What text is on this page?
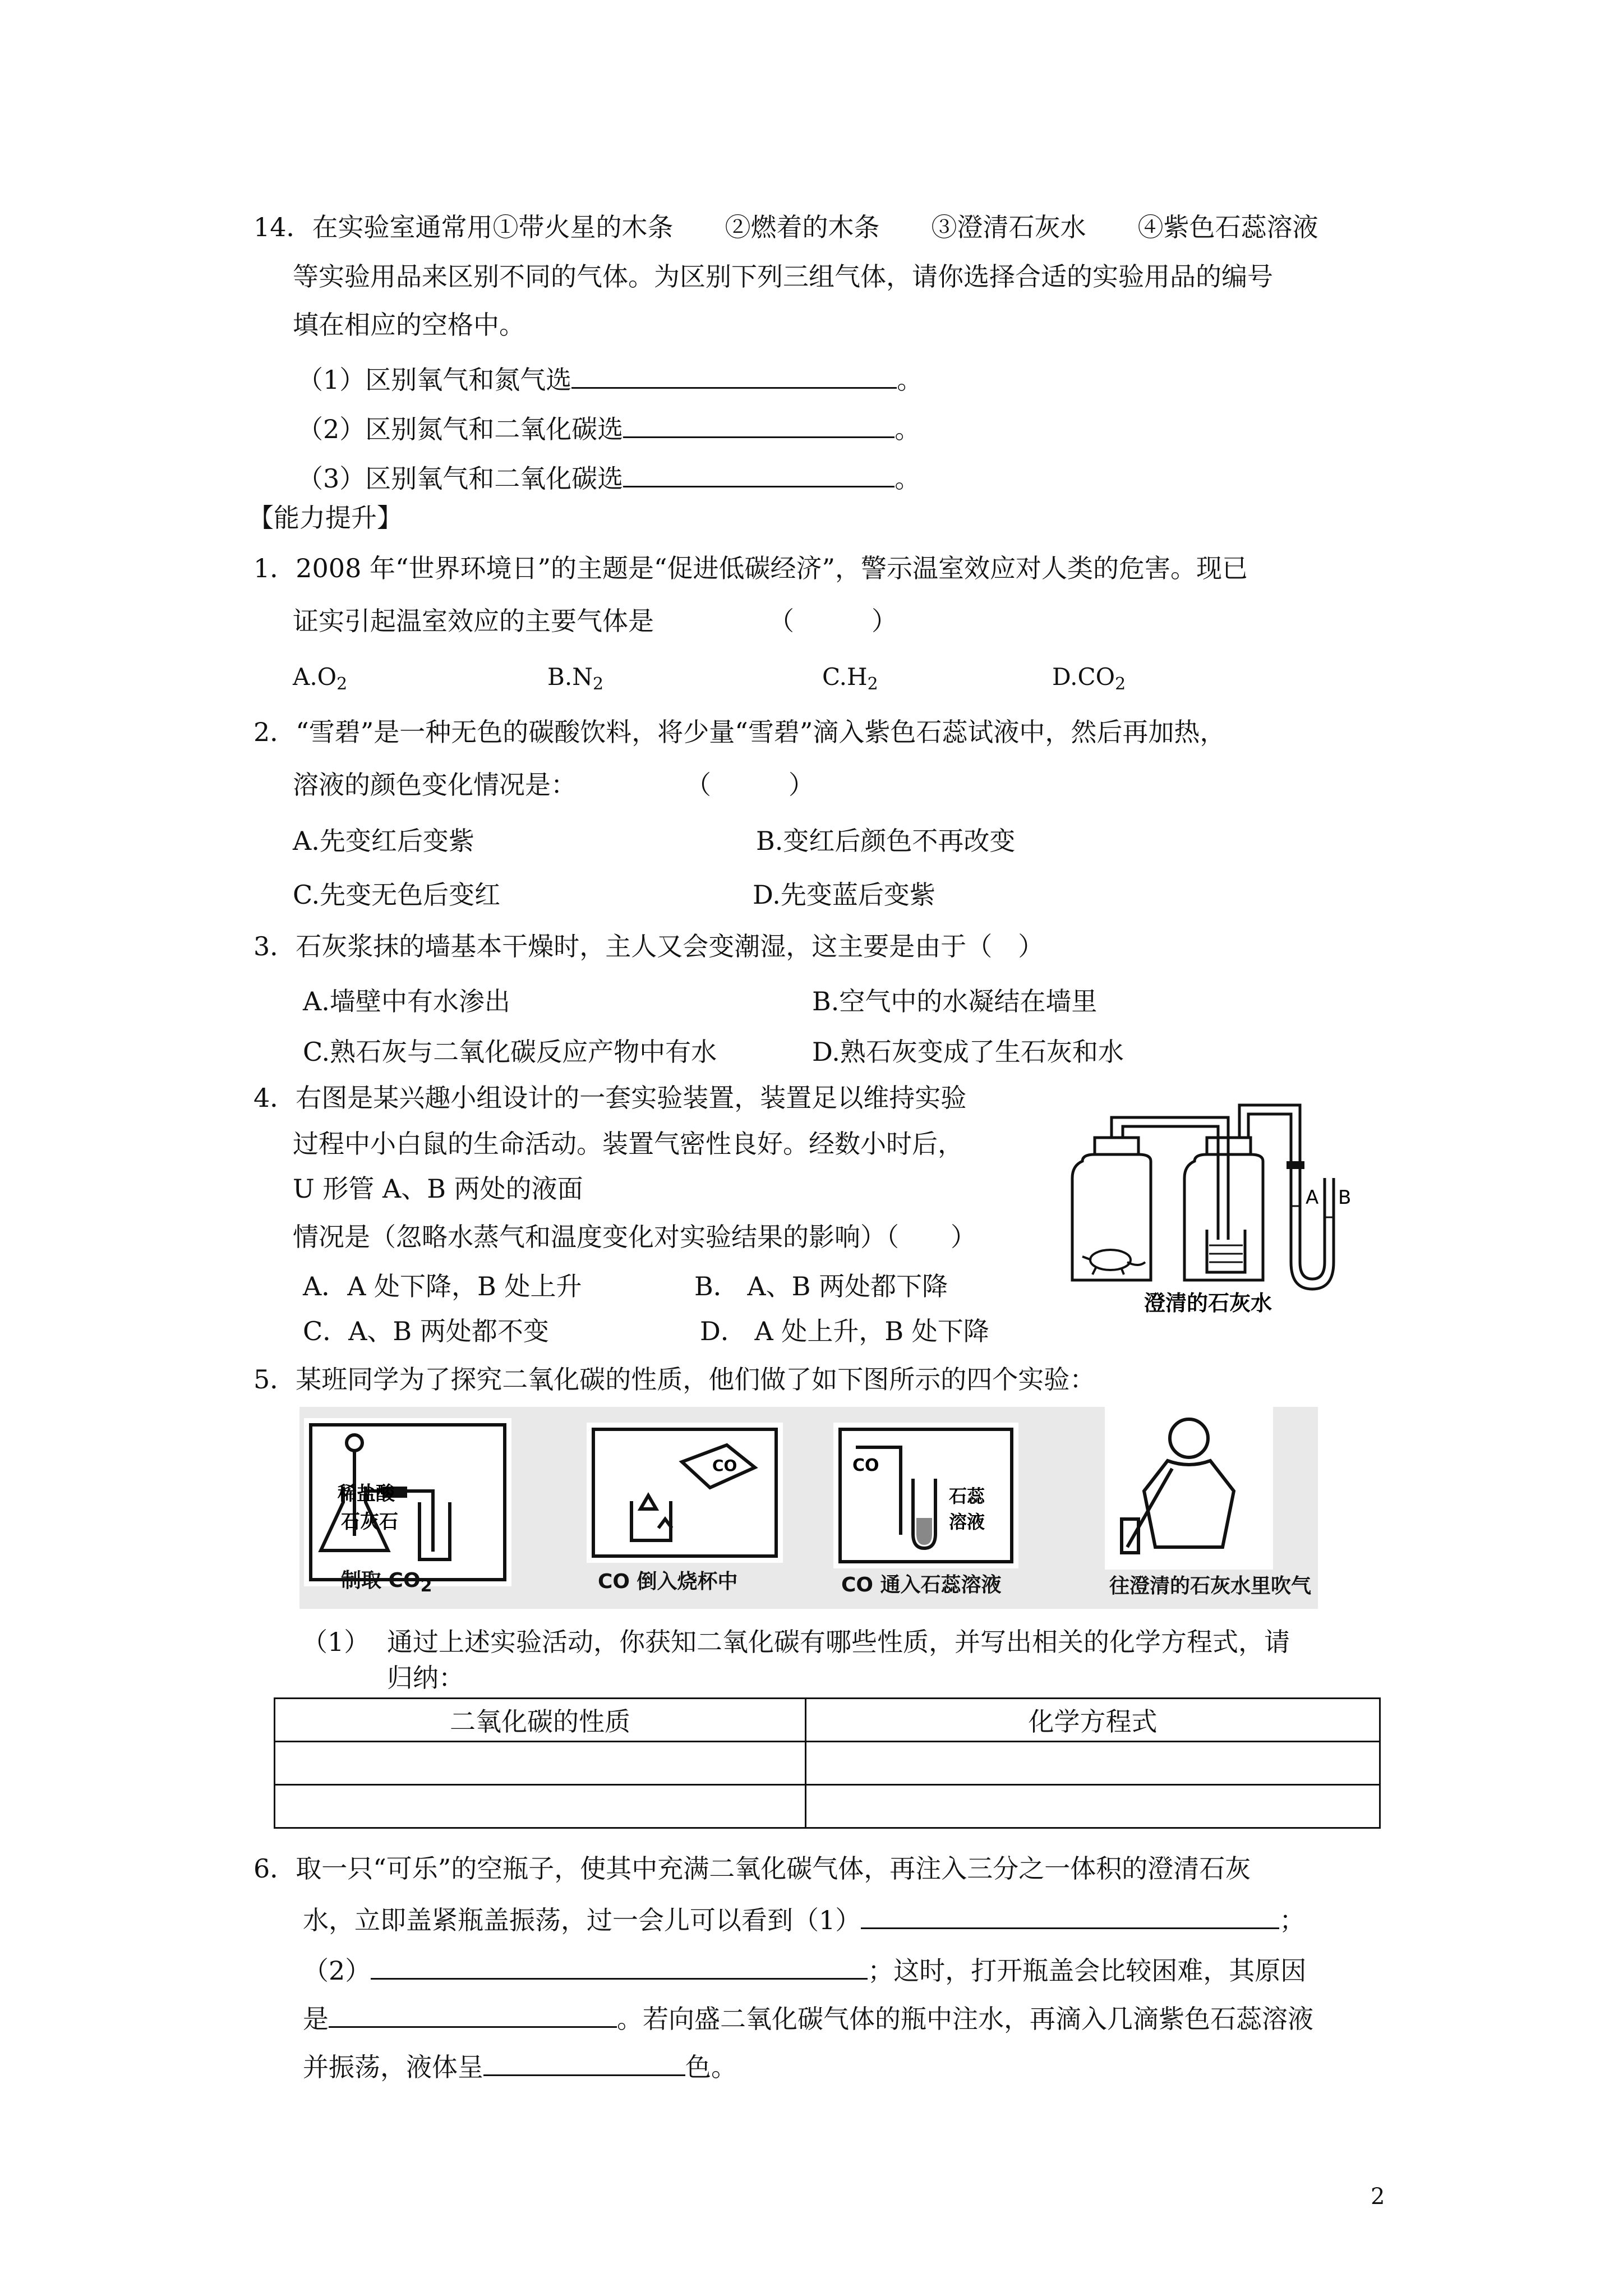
14．在实验室通常用①带火星的木条　　②燃着的木条　　③澄清石灰水　　④紫色石蕊溶液
等实验用品来区别不同的气体。为区别下列三组气体，请你选择合适的实验用品的编号
填在相应的空格中。
（1）区别氧气和氮气选	。
（2）区别氮气和二氧化碳选	。
（3）区别氧气和二氧化碳选	。
【能力提升】
1．2008 年“世界环境日”的主题是“促进低碳经济”，警示温室效应对人类的危害。现已
证实引起温室效应的主要气体是	（　　　）
$A.O_2$	$B.N_2$	$C.H_2$	$D.CO_2$
2．“雪碧”是一种无色的碳酸饮料，将少量“雪碧”滴入紫色石蕊试液中，然后再加热，
溶液的颜色变化情况是：	（　　　）
A.先变红后变紫	B.变红后颜色不再改变
C.先变无色后变红	D.先变蓝后变紫
3．石灰浆抹的墙基本干燥时，主人又会变潮湿，这主要是由于（　）
A.墙壁中有水渗出	B.空气中的水凝结在墙里
C.熟石灰与二氧化碳反应产物中有水	D.熟石灰变成了生石灰和水
4．右图是某兴趣小组设计的一套实验装置，装置足以维持实验
过程中小白鼠的生命活动。装置气密性良好。经数小时后，
U 形管 A、B 两处的液面
情况是（忽略水蒸气和温度变化对实验结果的影响）（　　）
A．A 处下降，B 处上升	B． A、B 两处都下降
C．A、B 两处都不变	D． A 处上升，B 处下降
A B
澄清的石灰水
5．某班同学为了探究二氧化碳的性质，他们做了如下图所示的四个实验：
稀盐酸
石灰石
制取 $CO_2$
CO
CO 倒入烧杯中
CO
石蕊
溶液
CO 通入石蕊溶液	往澄清的石灰水里吹气
（1） 通过上述实验活动，你获知二氧化碳有哪些性质，并写出相关的化学方程式，请
归纳：
二氧化碳的性质	化学方程式

6．取一只“可乐”的空瓶子，使其中充满二氧化碳气体，再注入三分之一体积的澄清石灰
水，立即盖紧瓶盖振荡，过一会儿可以看到（1）	；
（2）	；这时，打开瓶盖会比较困难，其原因
是	。若向盛二氧化碳气体的瓶中注水，再滴入几滴紫色石蕊溶液
并振荡，液体呈	色。
2
